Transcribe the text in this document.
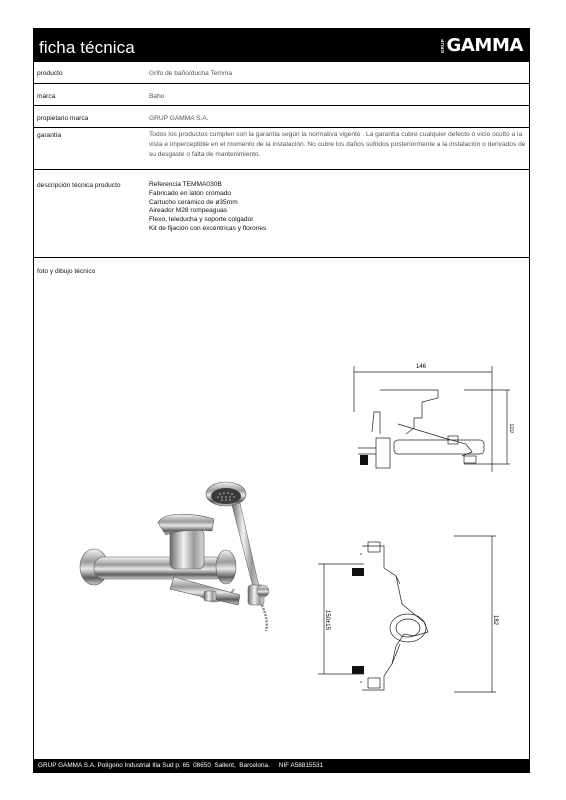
ficha técnica	GRUP GAMMA
producto	Grifo de baño/ducha Temma
marca	Baho
propietario marca	GRUP GAMMA S.A.
garantía	Todos los productos cumplen con la garantía según la normativa vigente . La garantía cubre cualquier defecto o vicio oculto a la vista e imperceptible en el momento de la instalación. No cubre los daños sufridos posteriormente a la instalación o derivados de su desgaste o falta de mantenimiento.
descripción técnica producto	Referencia TEMMA030B
Fabricado en latón cromado
Cartucho cerámico de ø35mm
Aireador M28 rompeaguas
Flexo, teleducha y soporte colgador
Kit de fijación con excéntricas y florones
foto y dibujo técnico
146
110
182
150±15
GRUP GAMMA S.A. Polígono Industrial Illa Sud p. 65  08650  Sallent,  Barcelona.     NIF A58815531
